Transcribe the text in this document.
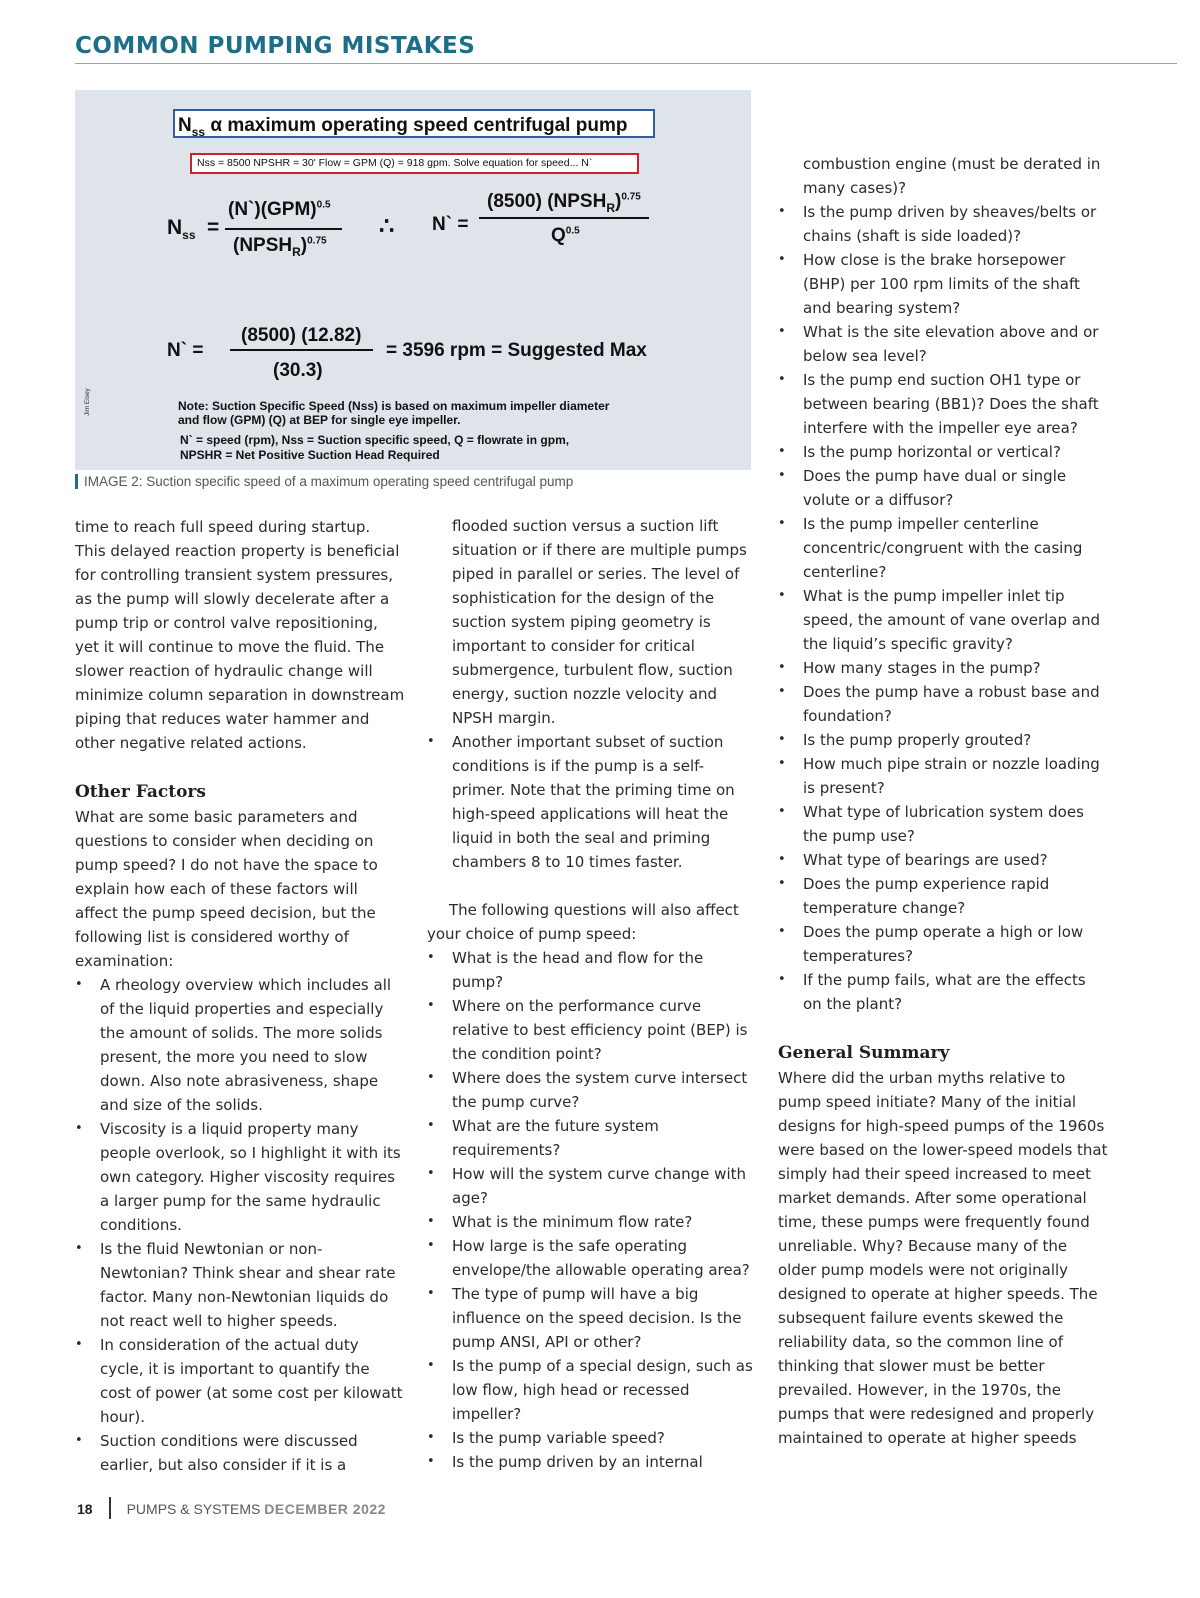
COMMON PUMPING MISTAKES
$N_{ss}$ α maximum operating speed centrifugal pump
Nss = 8500 NPSHR = 30' Flow = GPM (Q) = 918 gpm. Solve equation for speed... N`
$N_{ss}$ =
(N`)(GPM)$^{0.5}$
$(NPSH_R)^{0.75}$
∴ N` =
(8500) $(NPSH_R)^{0.75}$
$Q^{0.5}$
N` =
(8500) (12.82)
(30.3)
= 3596 rpm = Suggested Max
Note: Suction Specific Speed (Nss) is based on maximum impeller diameter
and flow (GPM) (Q) at BEP for single eye impeller.
N` = speed (rpm), Nss = Suction specific speed, Q = flowrate in gpm,
NPSHR = Net Positive Suction Head Required
Jim Elsey
IMAGE 2: Suction specific speed of a maximum operating speed centrifugal pump
time to reach full speed during startup.
This delayed reaction property is beneficial
for controlling transient system pressures,
as the pump will slowly decelerate after a
pump trip or control valve repositioning,
yet it will continue to move the fluid. The
slower reaction of hydraulic change will
minimize column separation in downstream
piping that reduces water hammer and
other negative related actions.
Other Factors

What are some basic parameters and questions to consider when deciding on pump speed? I do not have the space to explain how each of these factors will affect the pump speed decision, but the following list is considered worthy of examination:

• A rheology overview which includes all of the liquid properties and especially the amount of solids. The more solids present, the more you need to slow down. Also note abrasiveness, shape and size of the solids.
• Viscosity is a liquid property many people overlook, so I highlight it with its own category. Higher viscosity requires a larger pump for the same hydraulic conditions.
• Is the fluid Newtonian or non-Newtonian? Think shear and shear rate factor. Many non-Newtonian liquids do not react well to higher speeds.
• In consideration of the actual duty cycle, it is important to quantify the cost of power (at some cost per kilowatt hour).
• Suction conditions were discussed earlier, but also consider if it is a

flooded suction versus a suction lift situation or if there are multiple pumps piped in parallel or series. The level of sophistication for the design of the suction system piping geometry is important to consider for critical submergence, turbulent flow, suction energy, suction nozzle velocity and NPSH margin.

• Another important subset of suction conditions is if the pump is a self-primer. Note that the priming time on high-speed applications will heat the liquid in both the seal and priming chambers 8 to 10 times faster.

The following questions will also affect your choice of pump speed:

• What is the head and flow for the pump?
• Where on the performance curve relative to best efficiency point (BEP) is the condition point?
• Where does the system curve intersect the pump curve?
• What are the future system requirements?
• How will the system curve change with age?
• What is the minimum flow rate?
• How large is the safe operating envelope/the allowable operating area?
• The type of pump will have a big influence on the speed decision. Is the pump ANSI, API or other?
• Is the pump of a special design, such as low flow, high head or recessed impeller?
• Is the pump variable speed?
• Is the pump driven by an internal

combustion engine (must be derated in many cases)?

• Is the pump driven by sheaves/belts or chains (shaft is side loaded)?
• How close is the brake horsepower (BHP) per 100 rpm limits of the shaft and bearing system?
• What is the site elevation above and or below sea level?
• Is the pump end suction OH1 type or between bearing (BB1)? Does the shaft interfere with the impeller eye area?
• Is the pump horizontal or vertical?
• Does the pump have dual or single volute or a diffusor?
• Is the pump impeller centerline concentric/congruent with the casing centerline?
• What is the pump impeller inlet tip speed, the amount of vane overlap and the liquid’s specific gravity?
• How many stages in the pump?
• Does the pump have a robust base and foundation?
• Is the pump properly grouted?
• How much pipe strain or nozzle loading is present?
• What type of lubrication system does the pump use?
• What type of bearings are used?
• Does the pump experience rapid temperature change?
• Does the pump operate a high or low temperatures?
• If the pump fails, what are the effects on the plant?
General Summary

Where did the urban myths relative to pump speed initiate? Many of the initial designs for high-speed pumps of the 1960s were based on the lower-speed models that simply had their speed increased to meet market demands. After some operational time, these pumps were frequently found unreliable. Why? Because many of the older pump models were not originally designed to operate at higher speeds. The subsequent failure events skewed the reliability data, so the common line of thinking that slower must be better prevailed. However, in the 1970s, the pumps that were redesigned and properly maintained to operate at higher speeds

18 PUMPS & SYSTEMS DECEMBER 2022
